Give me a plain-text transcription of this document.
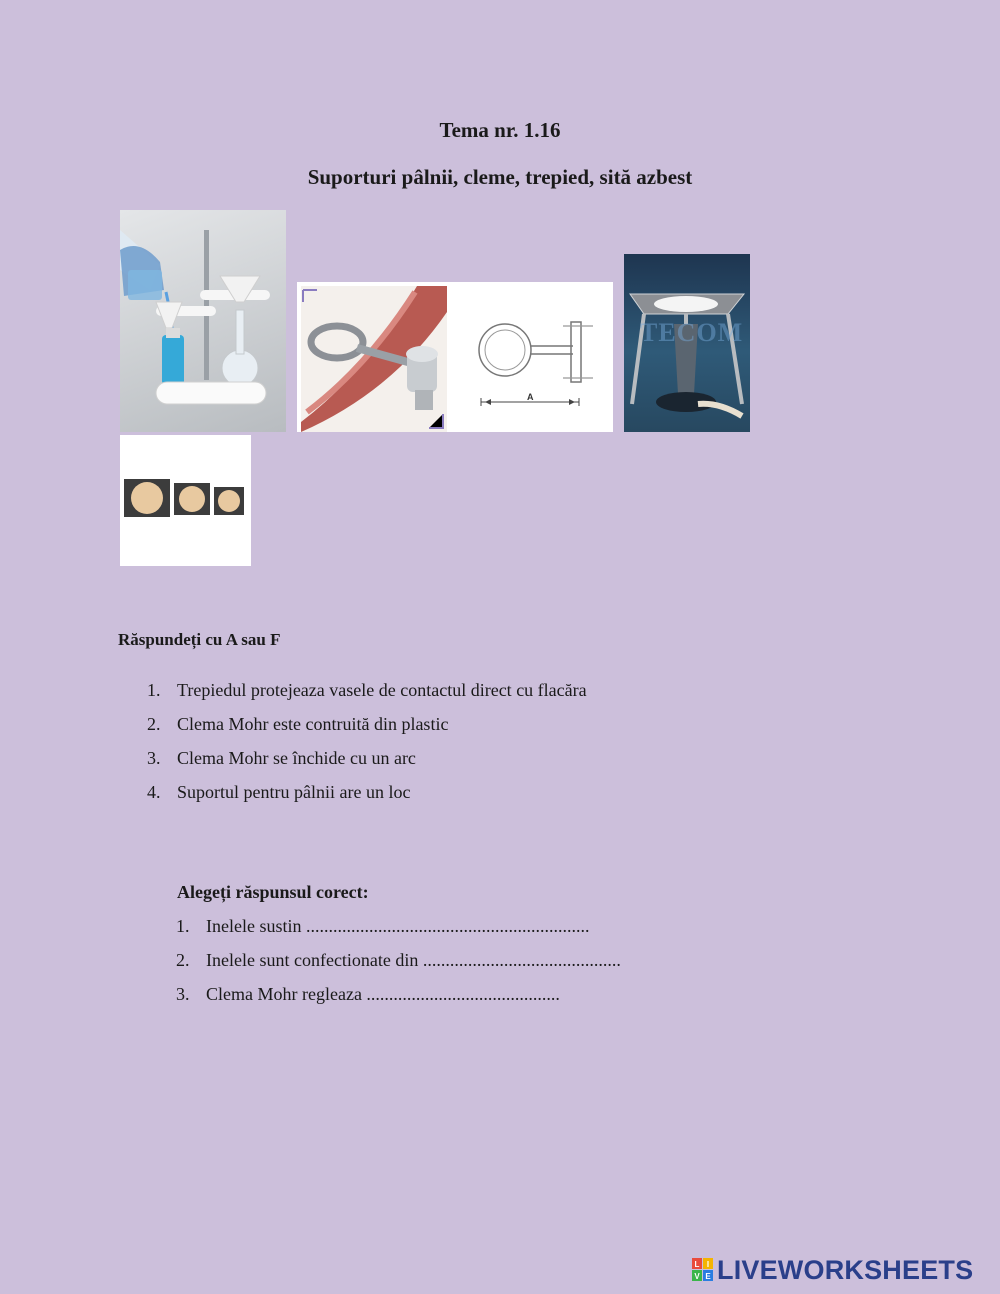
Tema nr. 1.16
Suporturi pâlnii, cleme, trepied, sită azbest
A
TECOM
Răspundeți cu A sau F
1. Trepiedul protejeaza vasele de contactul direct cu flacăra
2. Clema Mohr este contruită din plastic
3. Clema Mohr se închide cu un arc
4. Suportul pentru pâlnii are un loc
Alegeți răspunsul corect:
1. Inelele sustin ...............................................................
2. Inelele sunt confectionate din ............................................
3. Clema Mohr regleaza ...........................................
L I
V E LIVEWORKSHEETS
